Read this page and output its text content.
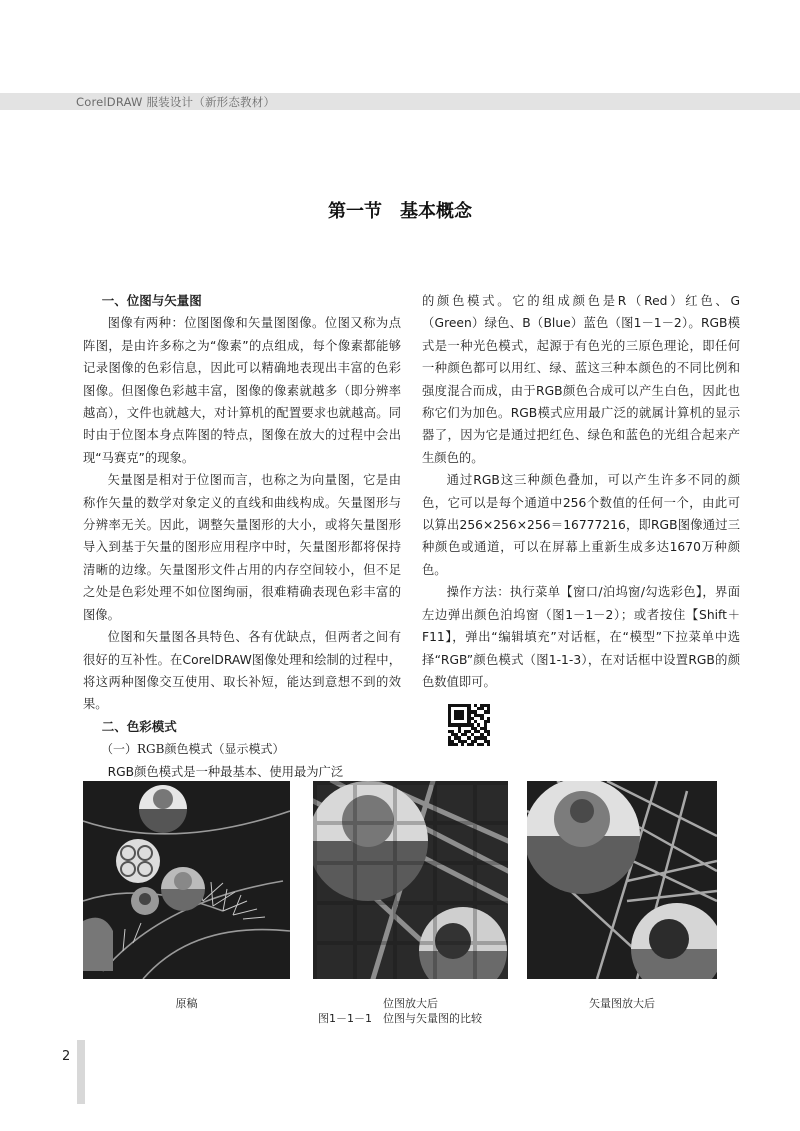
CorelDRAW 服装设计（新形态教材）
第一节　基本概念
一、位图与矢量图

图像有两种：位图图像和矢量图图像。位图又称为点阵图，是由许多称之为“像素”的点组成，每个像素都能够记录图像的色彩信息，因此可以精确地表现出丰富的色彩图像。但图像色彩越丰富，图像的像素就越多（即分辨率越高），文件也就越大，对计算机的配置要求也就越高。同时由于位图本身点阵图的特点，图像在放大的过程中会出现“马赛克”的现象。

矢量图是相对于位图而言，也称之为向量图，它是由称作矢量的数学对象定义的直线和曲线构成。矢量图形与分辨率无关。因此，调整矢量图形的大小，或将矢量图形导入到基于矢量的图形应用程序中时，矢量图形都将保持清晰的边缘。矢量图形文件占用的内存空间较小，但不足之处是色彩处理不如位图绚丽，很难精确表现色彩丰富的图像。

位图和矢量图各具特色、各有优缺点，但两者之间有很好的互补性。在CorelDRAW图像处理和绘制的过程中，将这两种图像交互使用、取长补短，能达到意想不到的效果。

二、色彩模式
（一）RGB颜色模式（显示模式）

RGB颜色模式是一种最基本、使用最为广泛

的颜色模式。它的组成颜色是R（Red）红色、G（Green）绿色、B（Blue）蓝色（图1－1－2）。RGB模式是一种光色模式，起源于有色光的三原色理论，即任何一种颜色都可以用红、绿、蓝这三种本颜色的不同比例和强度混合而成，由于RGB颜色合成可以产生白色，因此也称它们为加色。RGB模式应用最广泛的就属计算机的显示器了，因为它是通过把红色、绿色和蓝色的光组合起来产生颜色的。

通过RGB这三种颜色叠加，可以产生许多不同的颜色，它可以是每个通道中256个数值的任何一个，由此可以算出256×256×256＝16777216，即RGB图像通过三种颜色或通道，可以在屏幕上重新生成多达1670万种颜色。

操作方法：执行菜单【窗口/泊坞窗/勾选彩色】，界面左边弹出颜色泊坞窗（图1－1－2）；或者按住【Shift＋F11】，弹出“编辑填充”对话框，在“模型”下拉菜单中选择“RGB”颜色模式（图1-1-3），在对话框中设置RGB的颜色数值即可。

原稿	位图放大后	矢量图放大后
图1－1－1　位图与矢量图的比较
2
